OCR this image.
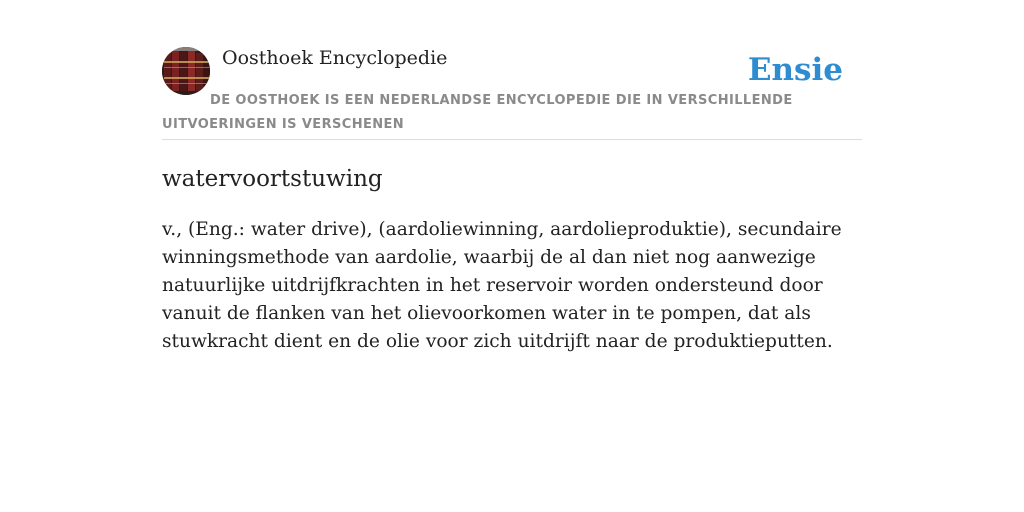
Oosthoek Encyclopedie	Ensie
DE OOSTHOEK IS EEN NEDERLANDSE ENCYCLOPEDIE DIE IN VERSCHILLENDE UITVOERINGEN IS VERSCHENEN
watervoortstuwing

v., (Eng.: water drive), (aardoliewinning, aardolieproduktie), secundaire winningsmethode van aardolie, waarbij de al dan niet nog aanwezige natuurlijke uitdrijfkrachten in het reservoir worden ondersteund door vanuit de flanken van het olievoorkomen water in te pompen, dat als stuwkracht dient en de olie voor zich uitdrijft naar de produktieputten.
